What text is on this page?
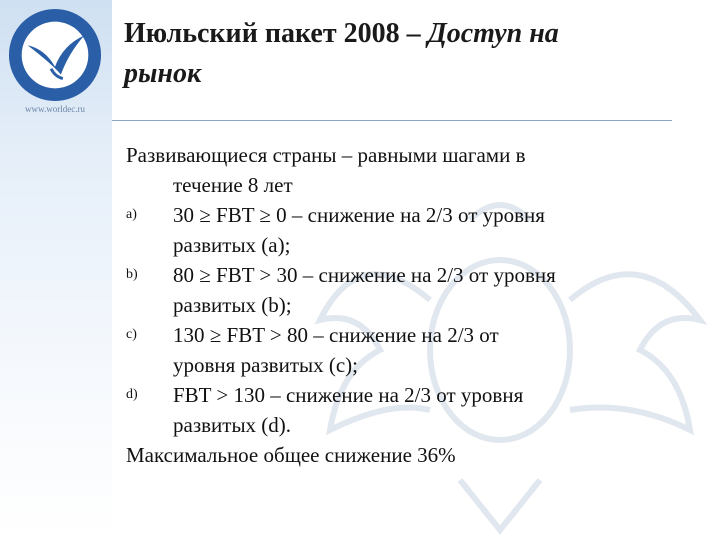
www.worldec.ru
Июльский пакет 2008 – Доступ на
рынок
Развивающиеся страны – равными шагами в
течение 8 лет
a)	30 ≥ FBT ≥ 0 – снижение на 2/3 от уровня
развитых (a);
b)	80 ≥ FBT > 30 – снижение на 2/3 от уровня
развитых (b);
c)	130 ≥ FBT > 80 – снижение на 2/3 от
уровня развитых (c);
d)	FBT > 130 – снижение на 2/3 от уровня
развитых (d).
Максимальное общее снижение 36%
